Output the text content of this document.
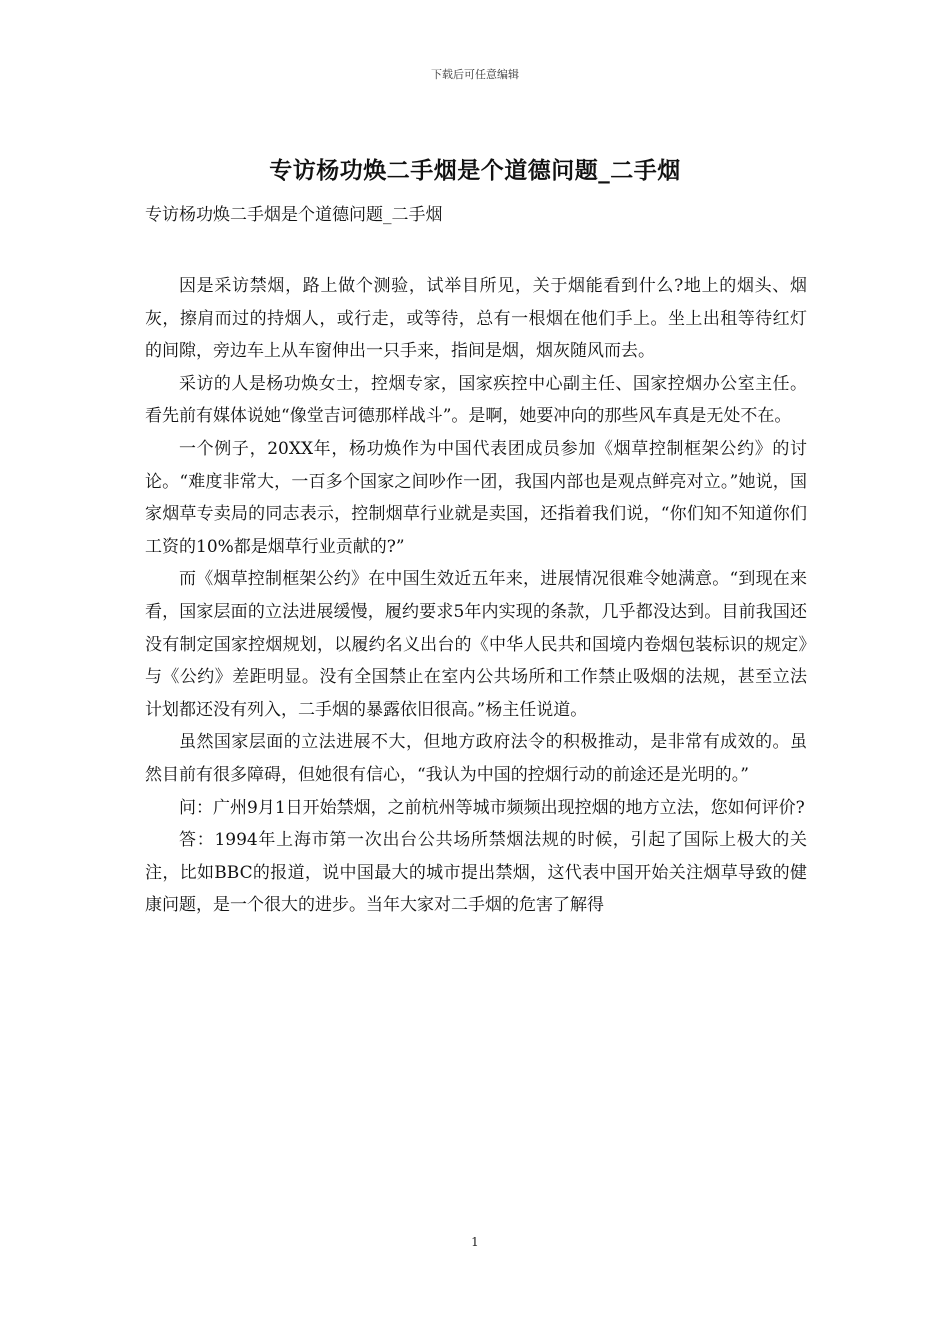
下载后可任意编辑
专访杨功焕二手烟是个道德问题_二手烟

专访杨功焕二手烟是个道德问题_二手烟

因是采访禁烟，路上做个测验，试举目所见，关于烟能看到什么?地上的烟头、烟灰，擦肩而过的持烟人，或行走，或等待，总有一根烟在他们手上。坐上出租等待红灯的间隙，旁边车上从车窗伸出一只手来，指间是烟，烟灰随风而去。

采访的人是杨功焕女士，控烟专家，国家疾控中心副主任、国家控烟办公室主任。看先前有媒体说她“像堂吉诃德那样战斗”。是啊，她要冲向的那些风车真是无处不在。

一个例子，20XX年，杨功焕作为中国代表团成员参加《烟草控制框架公约》的讨论。“难度非常大，一百多个国家之间吵作一团，我国内部也是观点鲜亮对立。”她说，国家烟草专卖局的同志表示，控制烟草行业就是卖国，还指着我们说，“你们知不知道你们工资的10%都是烟草行业贡献的?”

而《烟草控制框架公约》在中国生效近五年来，进展情况很难令她满意。“到现在来看，国家层面的立法进展缓慢，履约要求5年内实现的条款，几乎都没达到。目前我国还没有制定国家控烟规划，以履约名义出台的《中华人民共和国境内卷烟包装标识的规定》与《公约》差距明显。没有全国禁止在室内公共场所和工作禁止吸烟的法规，甚至立法计划都还没有列入，二手烟的暴露依旧很高。”杨主任说道。

虽然国家层面的立法进展不大，但地方政府法令的积极推动，是非常有成效的。虽然目前有很多障碍，但她很有信心，“我认为中国的控烟行动的前途还是光明的。”

问：广州9月1日开始禁烟，之前杭州等城市频频出现控烟的地方立法，您如何评价?

答：1994年上海市第一次出台公共场所禁烟法规的时候，引起了国际上极大的关注，比如BBC的报道，说中国最大的城市提出禁烟，这代表中国开始关注烟草导致的健康问题，是一个很大的进步。当年大家对二手烟的危害了解得

1
